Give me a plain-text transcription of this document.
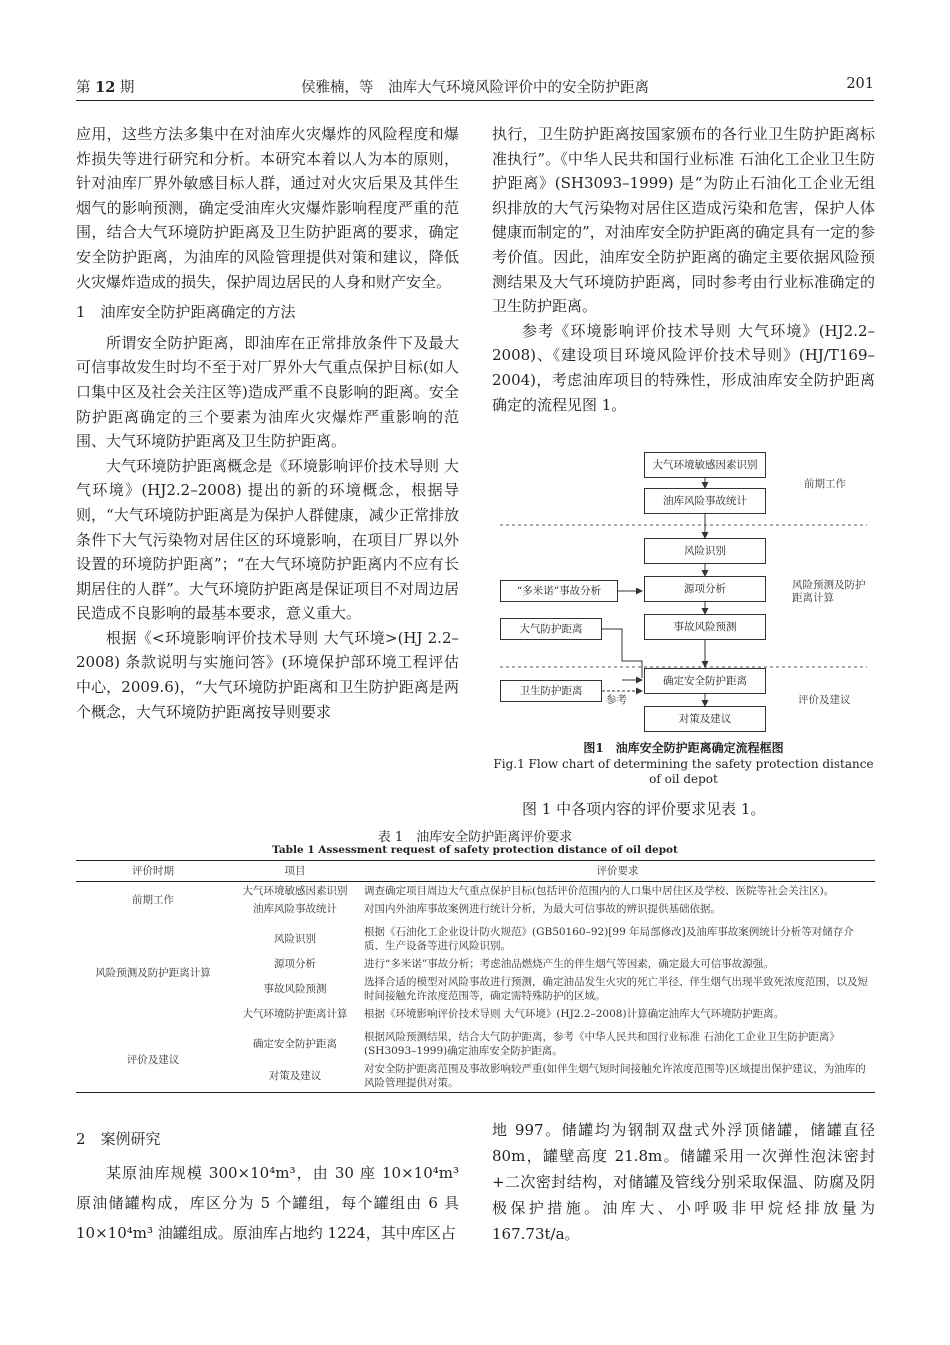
第 12 期	侯雅楠，等　油库大气环境风险评价中的安全防护距离	201

应用，这些方法多集中在对油库火灾爆炸的风险程度和爆炸损失等进行研究和分析。本研究本着以人为本的原则，针对油库厂界外敏感目标人群，通过对火灾后果及其伴生烟气的影响预测，确定受油库火灾爆炸影响程度严重的范围，结合大气环境防护距离及卫生防护距离的要求，确定安全防护距离，为油库的风险管理提供对策和建议，降低火灾爆炸造成的损失，保护周边居民的人身和财产安全。

1　油库安全防护距离确定的方法

所谓安全防护距离，即油库在正常排放条件下及最大可信事故发生时均不至于对厂界外大气重点保护目标(如人口集中区及社会关注区等)造成严重不良影响的距离。安全防护距离确定的三个要素为油库火灾爆炸严重影响的范围、大气环境防护距离及卫生防护距离。

大气环境防护距离概念是《环境影响评价技术导则 大气环境》(HJ2.2–2008) 提出的新的环境概念，根据导则，“大气环境防护距离是为保护人群健康，减少正常排放条件下大气污染物对居住区的环境影响，在项目厂界以外设置的环境防护距离”；“在大气环境防护距离内不应有长期居住的人群”。大气环境防护距离是保证项目不对周边居民造成不良影响的最基本要求，意义重大。

根据《<环境影响评价技术导则 大气环境>(HJ 2.2–2008) 条款说明与实施问答》(环境保护部环境工程评估中心，2009.6)，“大气环境防护距离和卫生防护距离是两个概念，大气环境防护距离按导则要求

执行，卫生防护距离按国家颁布的各行业卫生防护距离标准执行”。《中华人民共和国行业标准 石油化工企业卫生防护距离》(SH3093–1999) 是“为防止石油化工企业无组织排放的大气污染物对居住区造成污染和危害，保护人体健康而制定的”，对油库安全防护距离的确定具有一定的参考价值。因此，油库安全防护距离的确定主要依据风险预测结果及大气环境防护距离，同时参考由行业标准确定的卫生防护距离。

参考《环境影响评价技术导则 大气环境》(HJ2.2–2008)、《建设项目环境风险评价技术导则》(HJ/T169–2004)，考虑油库项目的特殊性，形成油库安全防护距离确定的流程见图 1。

大气环境敏感因素识别
油库风险事故统计
风险识别
源项分析
事故风险预测
确定安全防护距离
对策及建议
“多米诺”事故分析
大气防护距离
卫生防护距离
前期工作
风险预测及防护距离计算
评价及建议
参考
图1　油库安全防护距离确定流程框图
Fig.1 Flow chart of determining the safety protection distance of oil depot
图 1 中各项内容的评价要求见表 1。
表 1　油库安全防护距离评价要求
Table 1 Assessment request of safety protection distance of oil depot
评价时期	项目	评价要求
前期工作	大气环境敏感因素识别	调查确定项目周边大气重点保护目标(包括评价范围内的人口集中居住区及学校、医院等社会关注区)。
	油库风险事故统计	对国内外油库事故案例进行统计分析，为最大可信事故的辨识提供基础依据。
风险预测及防护距离计算	风险识别	根据《石油化工企业设计防火规范》(GB50160–92)[99 年局部修改]及油库事故案例统计分析等对储存介质、生产设备等进行风险识别。
	源项分析	进行“多米诺”事故分析；考虑油品燃烧产生的伴生烟气等因素，确定最大可信事故源强。
	事故风险预测	选择合适的模型对风险事故进行预测，确定油品发生火灾的死亡半径、伴生烟气出现半致死浓度范围，以及短时间接触允许浓度范围等，确定需特殊防护的区域。
	大气环境防护距离计算	根据《环境影响评价技术导则 大气环境》(HJ2.2–2008)计算确定油库大气环境防护距离。
评价及建议	确定安全防护距离	根据风险预测结果，结合大气防护距离，参考《中华人民共和国行业标准 石油化工企业卫生防护距离》(SH3093–1999)确定油库安全防护距离。
	对策及建议	对安全防护距离范围及事故影响较严重(如伴生烟气短时间接触允许浓度范围等)区域提出保护建议，为油库的风险管理提供对策。

2　案例研究

某原油库规模 300×10⁴m³，由 30 座 10×10⁴m³ 原油储罐构成，库区分为 5 个罐组，每个罐组由 6 具 10×10⁴m³ 油罐组成。原油库占地约 1224，其中库区占

地 997。储罐均为钢制双盘式外浮顶储罐，储罐直径 80m，罐壁高度 21.8m。储罐采用一次弹性泡沫密封+二次密封结构，对储罐及管线分别采取保温、防腐及阴极保护措施。油库大、小呼吸非甲烷烃排放量为 167.73t/a。
